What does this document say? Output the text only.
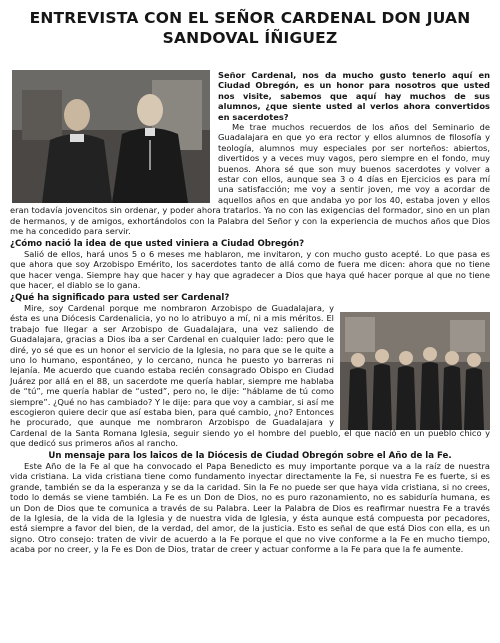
ENTREVISTA CON EL SEÑOR CARDENAL DON JUAN SANDOVAL ÍÑIGUEZ

Señor Cardenal, nos da mucho gusto tenerlo aquí en Ciudad Obregón, es un honor para nosotros que usted nos visite, sabemos que aquí hay muchos de sus alumnos, ¿que siente usted al verlos ahora convertidos en sacerdotes?

Me trae muchos recuerdos de los años del Seminario de Guadalajara en que yo era rector y ellos alumnos de filosofía y teología, alumnos muy especiales por ser norteños: abiertos, divertidos y a veces muy vagos, pero siempre en el fondo, muy buenos. Ahora sé que son muy buenos sacerdotes y volver a estar con ellos, aunque sea 3 o 4 días en Ejercicios es para mí una satisfacción; me voy a sentir joven, me voy a acordar de aquellos años en que andaba yo por los 40, estaba joven y ellos eran todavía jovencitos sin ordenar, y poder ahora tratarlos. Ya no con las exigencias del formador, sino en un plan de hermanos, y de amigos, exhortándolos con la Palabra del Señor y con la experiencia de muchos años que Dios me ha concedido para servir.

¿Cómo nació la idea de que usted viniera a Ciudad Obregón?

Salió de ellos, hará unos 5 o 6 meses me hablaron, me invitaron, y con mucho gusto acepté. Lo que pasa es que ahora que soy Arzobispo Emérito, los sacerdotes tanto de allá como de fuera me dicen: ahora que no tiene que hacer venga. Siempre hay que hacer y hay que agradecer a Dios que haya qué hacer porque al que no tiene que hacer, el diablo se lo gana.

¿Qué ha significado para usted ser Cardenal?

Mire, soy Cardenal porque me nombraron Arzobispo de Guadalajara, y ésta es una Diócesis Cardenalicia, yo no lo atribuyo a mí, ni a mis méritos. El trabajo fue llegar a ser Arzobispo de Guadalajara, una vez saliendo de Guadalajara, gracias a Dios iba a ser Cardenal en cualquier lado: pero que le diré, yo sé que es un honor el servicio de la Iglesia, no para que se le quite a uno lo humano, espontáneo, y lo cercano, nunca he puesto yo barreras ni lejanía. Me acuerdo que cuando estaba recién consagrado Obispo en Ciudad Juárez por allá en el 88, un sacerdote me quería hablar, siempre me hablaba de “tú”, me quería hablar de “usted”, pero no, le dije: “háblame de tú como siempre”. ¿Qué no has cambiado? Y le dije: para que voy a cambiar, si así me escogieron quiere decir que así estaba bien, para qué cambio, ¿no? Entonces he procurado, que aunque me nombraron Arzobispo de Guadalajara y Cardenal de la Santa Romana Iglesia, seguir siendo yo el hombre del pueblo, el que nació en un pueblo chico y que dedicó sus primeros años al rancho.

Un mensaje para los laicos de la Diócesis de Ciudad Obregón sobre el Año de la Fe.

Este Año de la Fe al que ha convocado el Papa Benedicto es muy importante porque va a la raíz de nuestra vida cristiana. La vida cristiana tiene como fundamento inyectar directamente la Fe, si nuestra Fe es fuerte, si es grande, también se da la esperanza y se da la caridad. Sin la Fe no puede ser que haya vida cristiana, si no crees, todo lo demás se viene también. La Fe es un Don de Dios, no es puro razonamiento, no es sabiduría humana, es un Don de Dios que te comunica a través de su Palabra. Leer la Palabra de Dios es reafirmar nuestra Fe a través de la Iglesia, de la vida de la Iglesia y de nuestra vida de Iglesia, y ésta aunque está compuesta por pecadores, está siempre a favor del bien, de la verdad, del amor, de la justicia. Esto es señal de que está Dios con ella, es un signo. Otro consejo: traten de vivir de acuerdo a la Fe porque el que no vive conforme a la Fe en mucho tiempo, acaba por no creer, y la Fe es Don de Dios, tratar de creer y actuar conforme a la Fe para que la fe aumente.
